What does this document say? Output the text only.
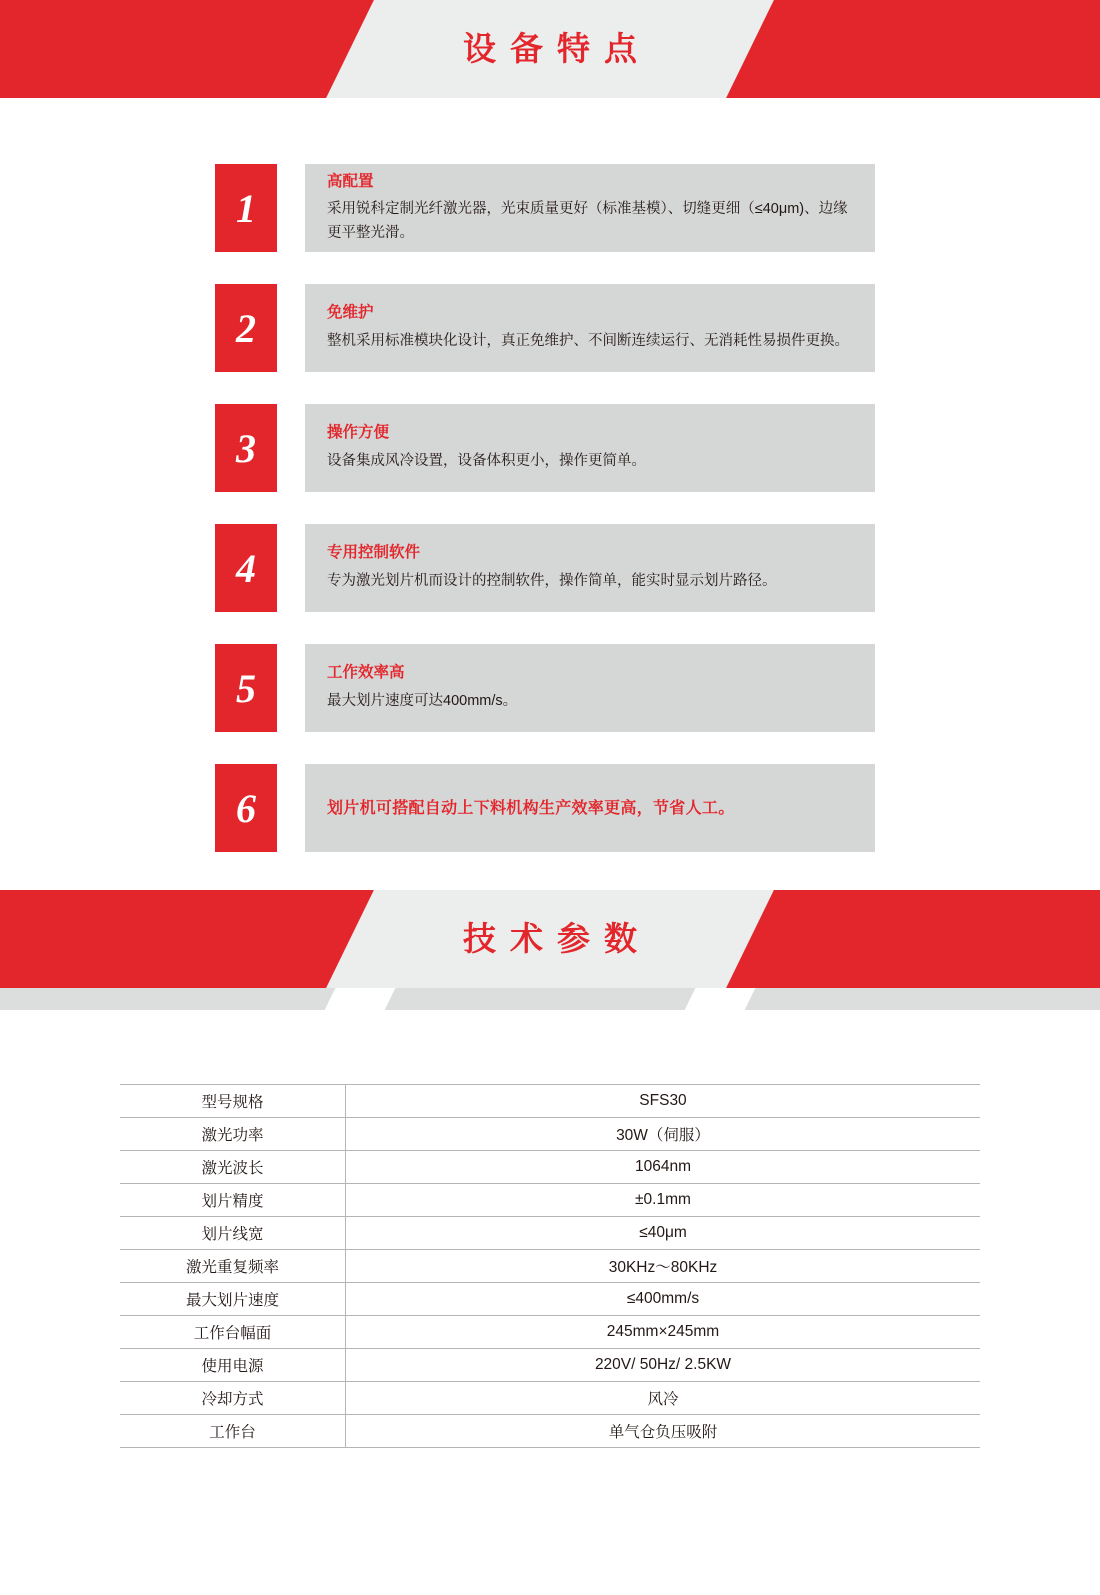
设备特点
1
高配置
采用锐科定制光纤激光器，光束质量更好（标准基模）、切缝更细（≤40μm)、边缘更平整光滑。
2	免维护
整机采用标准模块化设计，真正免维护、不间断连续运行、无消耗性易损件更换。
3	操作方便
设备集成风冷设置，设备体积更小，操作更简单。
4	专用控制软件
专为激光划片机而设计的控制软件，操作简单，能实时显示划片路径。
5	工作效率高
最大划片速度可达400mm/s。
6	划片机可搭配自动上下料机构生产效率更高，节省人工。
技术参数
型号规格	SFS30
激光功率	30W（伺服）
激光波长	1064nm
划片精度	±0.1mm
划片线宽	≤40μm
激光重复频率	30KHz～80KHz
最大划片速度	≤400mm/s
工作台幅面	245mm×245mm
使用电源	220V/ 50Hz/ 2.5KW
冷却方式	风冷
工作台	单气仓负压吸附
